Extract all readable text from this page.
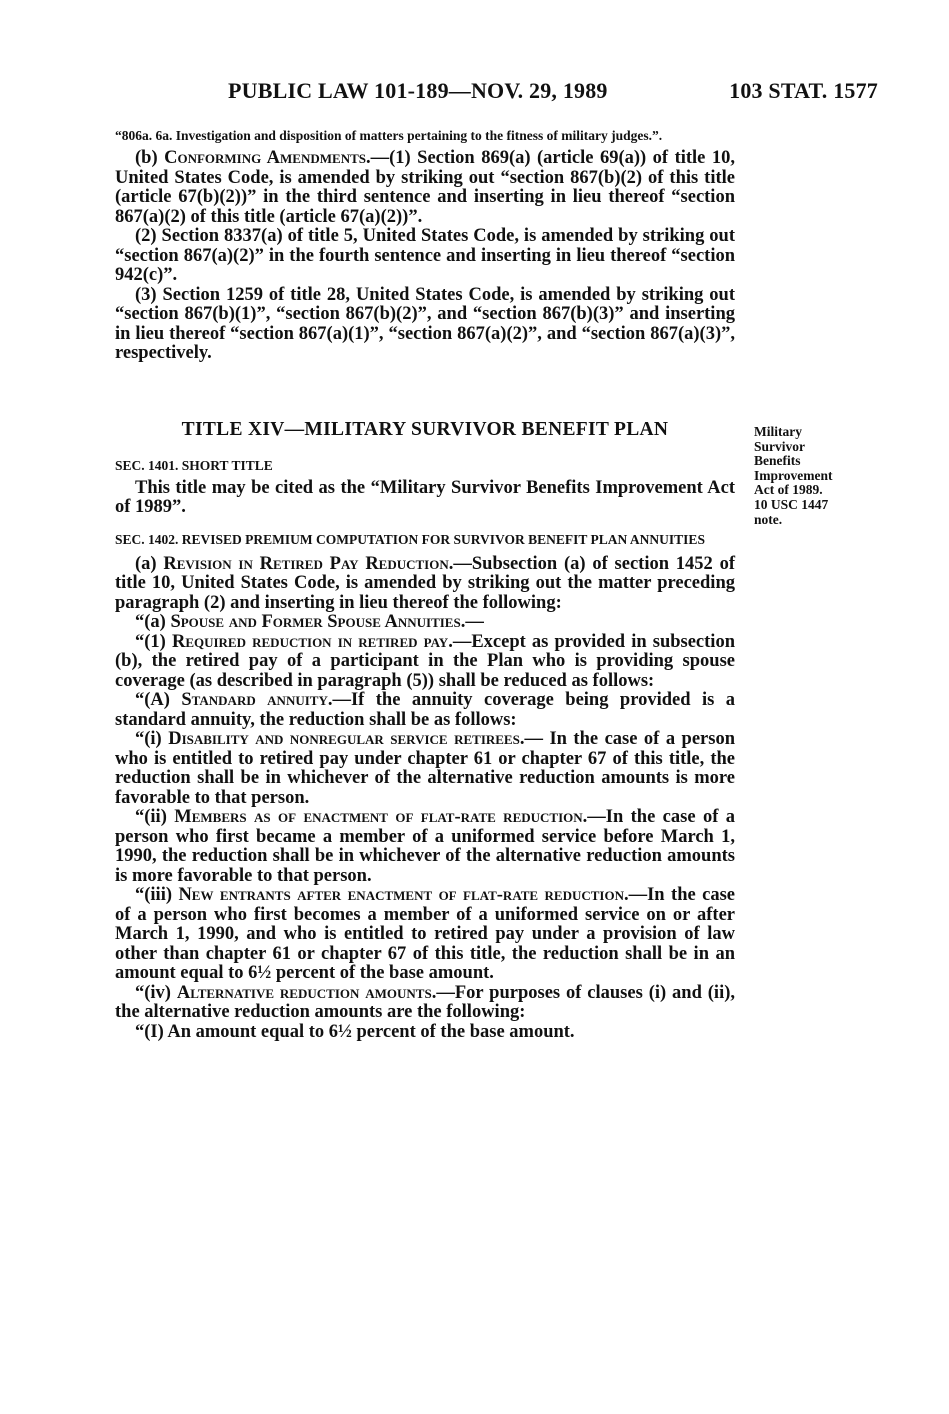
PUBLIC LAW 101-189—NOV. 29, 1989	103 STAT. 1577

“806a. 6a. Investigation and disposition of matters pertaining to the fitness of military judges.”.

(b) Conforming Amendments.—(1) Section 869(a) (article 69(a)) of title 10, United States Code, is amended by striking out “section 867(b)(2) of this title (article 67(b)(2))” in the third sentence and inserting in lieu thereof “section 867(a)(2) of this title (article 67(a)(2))”.

(2) Section 8337(a) of title 5, United States Code, is amended by striking out “section 867(a)(2)” in the fourth sentence and inserting in lieu thereof “section 942(c)”.

(3) Section 1259 of title 28, United States Code, is amended by striking out “section 867(b)(1)”, “section 867(b)(2)”, and “section 867(b)(3)” and inserting in lieu thereof “section 867(a)(1)”, “section 867(a)(2)”, and “section 867(a)(3)”, respectively.

TITLE XIV—MILITARY SURVIVOR BENEFIT PLAN

SEC. 1401. SHORT TITLE

This title may be cited as the “Military Survivor Benefits Improvement Act of 1989”.

SEC. 1402. REVISED PREMIUM COMPUTATION FOR SURVIVOR BENEFIT PLAN ANNUITIES

(a) Revision in Retired Pay Reduction.—Subsection (a) of section 1452 of title 10, United States Code, is amended by striking out the matter preceding paragraph (2) and inserting in lieu thereof the following:

“(a) Spouse and Former Spouse Annuities.—

“(1) Required reduction in retired pay.—Except as provided in subsection (b), the retired pay of a participant in the Plan who is providing spouse coverage (as described in paragraph (5)) shall be reduced as follows:

“(A) Standard annuity.—If the annuity coverage being provided is a standard annuity, the reduction shall be as follows:

“(i) Disability and nonregular service retirees.— In the case of a person who is entitled to retired pay under chapter 61 or chapter 67 of this title, the reduction shall be in whichever of the alternative reduction amounts is more favorable to that person.

“(ii) Members as of enactment of flat-rate reduction.—In the case of a person who first became a member of a uniformed service before March 1, 1990, the reduction shall be in whichever of the alternative reduction amounts is more favorable to that person.

“(iii) New entrants after enactment of flat-rate reduction.—In the case of a person who first becomes a member of a uniformed service on or after March 1, 1990, and who is entitled to retired pay under a provision of law other than chapter 61 or chapter 67 of this title, the reduction shall be in an amount equal to 6½ percent of the base amount.

“(iv) Alternative reduction amounts.—For purposes of clauses (i) and (ii), the alternative reduction amounts are the following:

“(I) An amount equal to 6½ percent of the base amount.

Military
Survivor
Benefits
Improvement
Act of 1989.
10 USC 1447
note.
